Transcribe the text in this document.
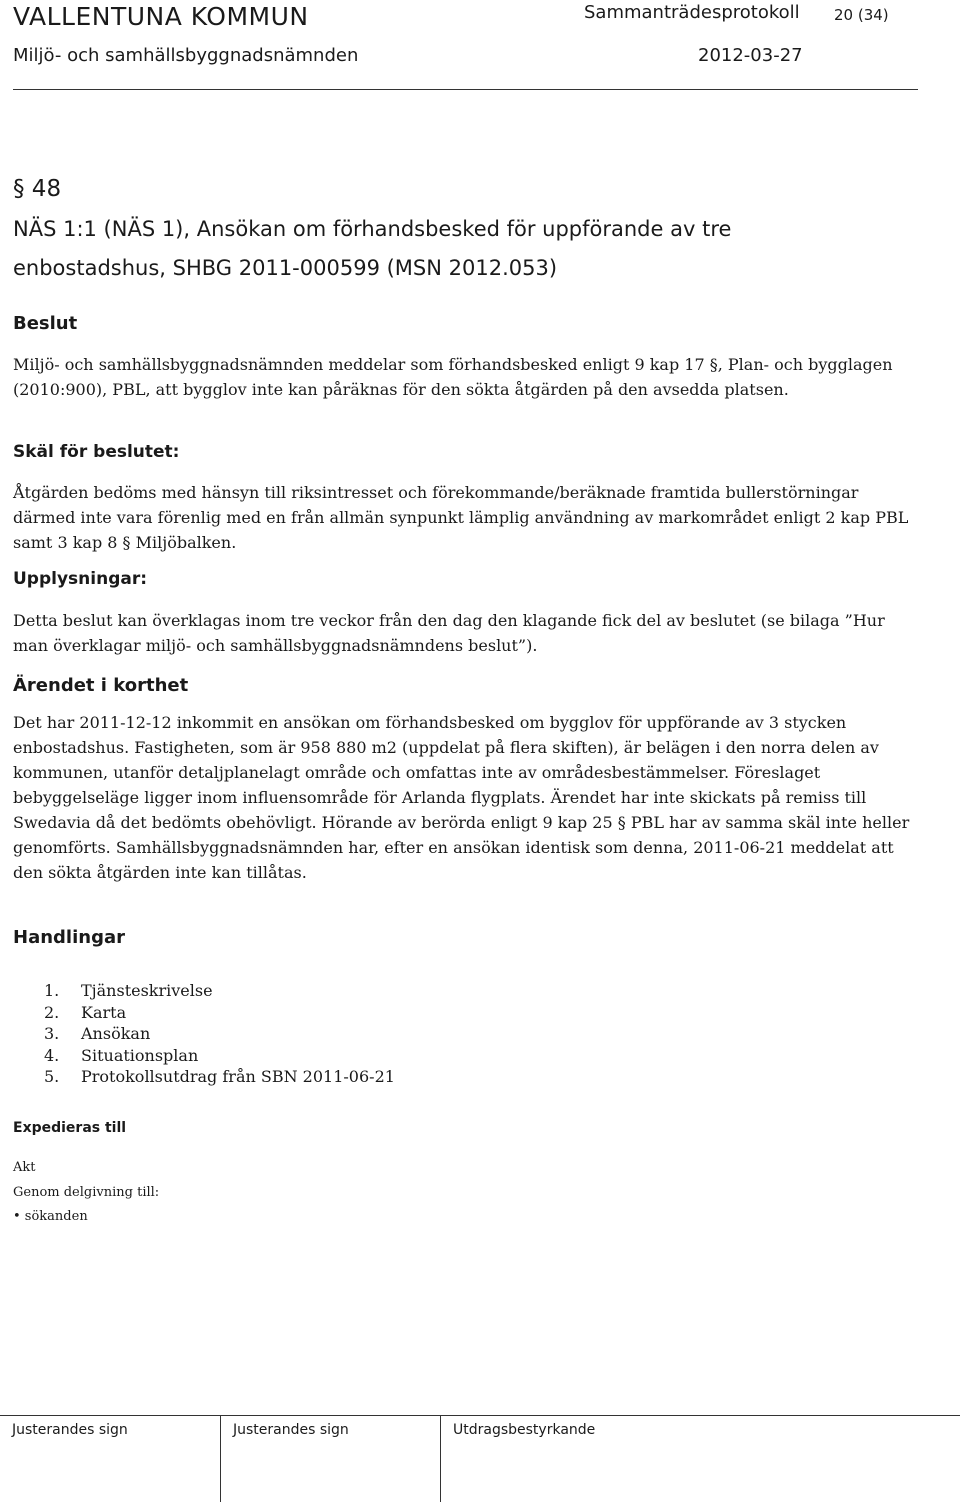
VALLENTUNA KOMMUN	Sammanträdesprotokoll 20 (34)
Miljö- och samhällsbyggnadsnämnden	2012-03-27
§ 48
NÄS 1:1 (NÄS 1), Ansökan om förhandsbesked för uppförande av tre
enbostadshus, SHBG 2011-000599 (MSN 2012.053)
Beslut
Miljö- och samhällsbyggnadsnämnden meddelar som förhandsbesked enligt 9 kap 17 §, Plan- och bygglagen (2010:900), PBL, att bygglov inte kan påräknas för den sökta åtgärden på den avsedda platsen.
Skäl för beslutet:
Åtgärden bedöms med hänsyn till riksintresset och förekommande/beräknade framtida bullerstörningar därmed inte vara förenlig med en från allmän synpunkt lämplig användning av markområdet enligt 2 kap PBL samt 3 kap 8 § Miljöbalken.
Upplysningar:
Detta beslut kan överklagas inom tre veckor från den dag den klagande fick del av beslutet (se bilaga ”Hur man överklagar miljö- och samhällsbyggnadsnämndens beslut”).
Ärendet i korthet
Det har 2011-12-12 inkommit en ansökan om förhandsbesked om bygglov för uppförande av 3 stycken enbostadshus. Fastigheten, som är 958 880 m2 (uppdelat på flera skiften), är belägen i den norra delen av kommunen, utanför detaljplanelagt område och omfattas inte av områdesbestämmelser. Föreslaget bebyggelseläge ligger inom influensområde för Arlanda flygplats. Ärendet har inte skickats på remiss till Swedavia då det bedömts obehövligt. Hörande av berörda enligt 9 kap 25 § PBL har av samma skäl inte heller genomförts. Samhällsbyggnadsnämnden har, efter en ansökan identisk som denna, 2011-06-21 meddelat att den sökta åtgärden inte kan tillåtas.
Handlingar
1.	Tjänsteskrivelse
2.	Karta
3.	Ansökan
4.	Situationsplan
5.	Protokollsutdrag från SBN 2011-06-21
Expedieras till
Akt
Genom delgivning till:
• sökanden
Justerandes sign	Justerandes sign	Utdragsbestyrkande
